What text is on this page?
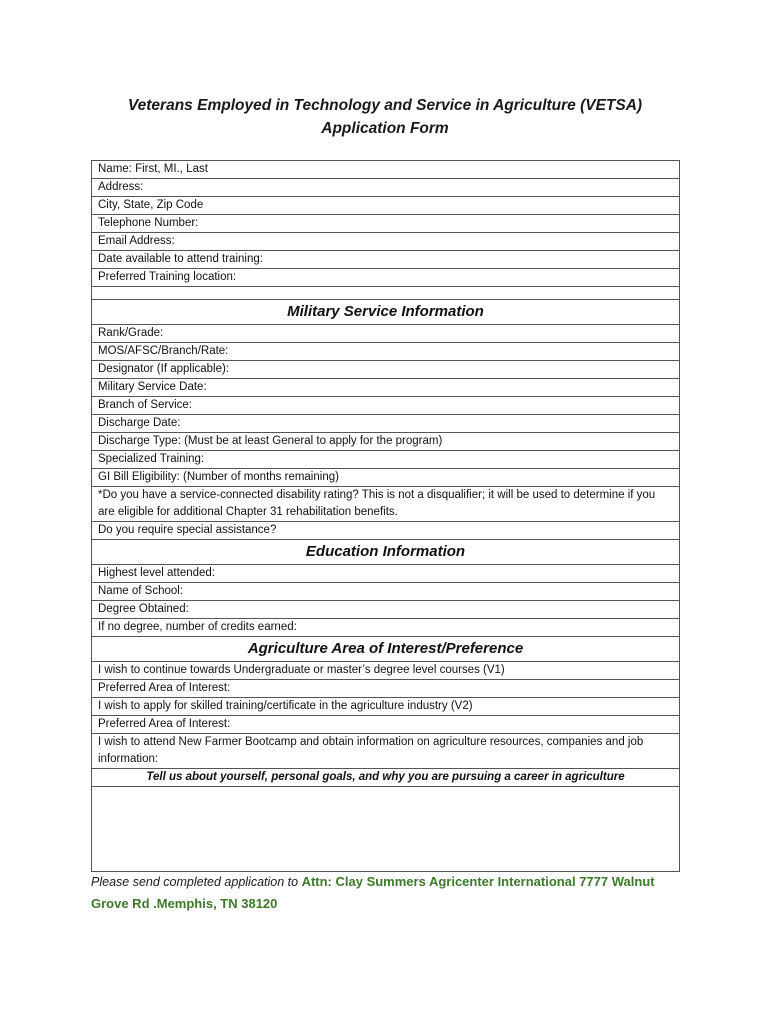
Veterans Employed in Technology and Service in Agriculture (VETSA)
Application Form
Name: First, MI., Last
Address:
City, State, Zip Code
Telephone Number:
Email Address:
Date available to attend training:
Preferred Training location:

Military Service Information
Rank/Grade:
MOS/AFSC/Branch/Rate:
Designator (If applicable):
Military Service Date:
Branch of Service:
Discharge Date:
Discharge Type: (Must be at least General to apply for the program)
Specialized Training:
GI Bill Eligibility: (Number of months remaining)
*Do you have a service-connected disability rating? This is not a disqualifier; it will be used to determine if you are eligible for additional Chapter 31 rehabilitation benefits.
Do you require special assistance?
Education Information
Highest level attended:
Name of School:
Degree Obtained:
If no degree, number of credits earned:
Agriculture Area of Interest/Preference
I wish to continue towards Undergraduate or master’s degree level courses (V1)
Preferred Area of Interest:
I wish to apply for skilled training/certificate in the agriculture industry (V2)
Preferred Area of Interest:
I wish to attend New Farmer Bootcamp and obtain information on agriculture resources, companies and job information:
Tell us about yourself, personal goals, and why you are pursuing a career in agriculture

Please send completed application to Attn: Clay Summers Agricenter International 7777 Walnut Grove Rd .Memphis, TN 38120
